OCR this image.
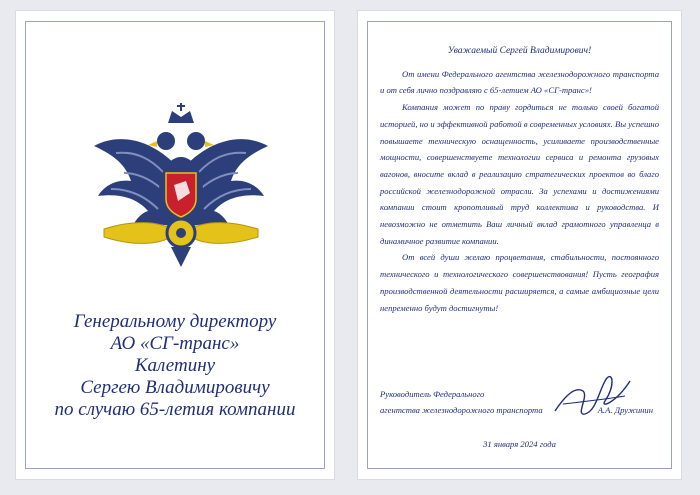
Генеральному директору
АО «СГ-транс»
Калетину
Сергею Владимировичу
по случаю 65-летия компании
Уважаемый Сергей Владимирович!

От имени Федерального агентства железнодорожного транспорта и от себя лично поздравляю с 65-летием АО «СГ-транс»!

Компания может по праву гордиться не только своей богатой историей, но и эффективной работой в современных условиях. Вы успешно повышаете техническую оснащенность, усиливаете производственные мощности, совершенствуете технологии сервиса и ремонта грузовых вагонов, вносите вклад в реализацию стратегических проектов во благо российской железнодорожной отрасли. За успехами и достижениями компании стоит кропотливый труд коллектива и руководства. И невозможно не отметить Ваш личный вклад грамотного управленца в динамичное развитие компании.

От всей души желаю процветания, стабильности, постоянного технического и технологического совершенствования! Пусть география производственной деятельности расширяется, а самые амбициозные цели непременно будут достигнуты!

Руководитель Федерального
агентства железнодорожного транспорта	А.А. Дружинин
31 января 2024 года
